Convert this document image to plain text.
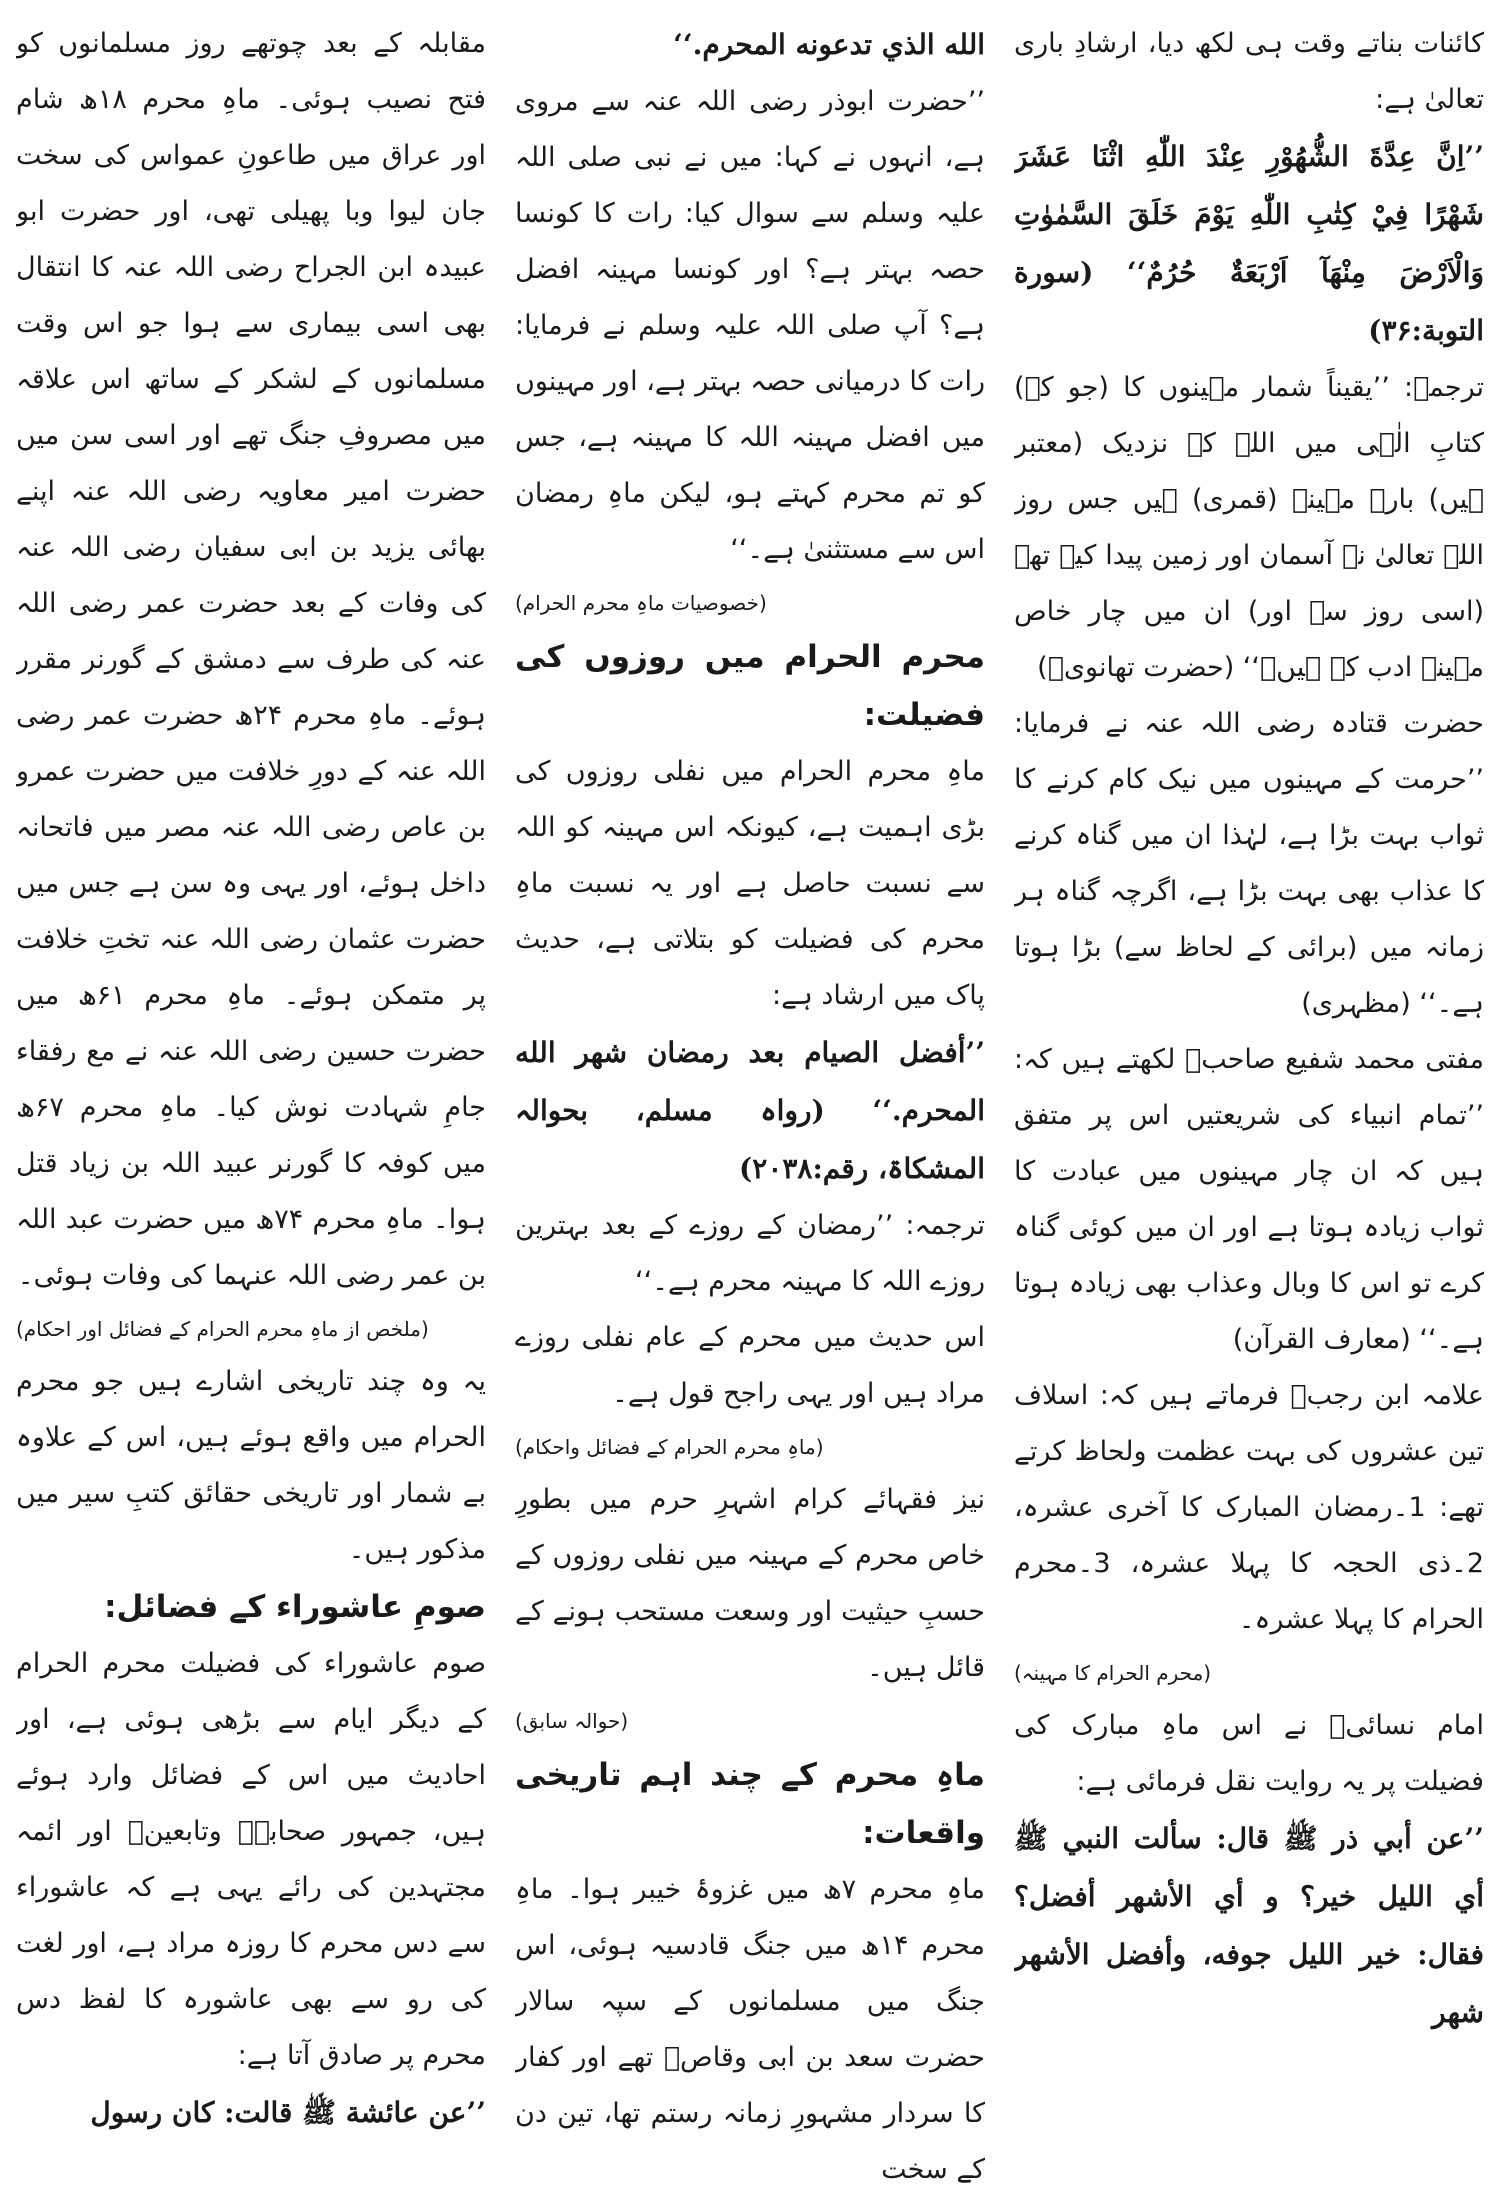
کائنات بناتے وقت ہی لکھ دیا، ارشادِ باری تعالیٰ ہے:
’’اِنَّ عِدَّةَ الشُّهُوْرِ عِنْدَ اللّٰهِ اثْنَا عَشَرَ شَهْرًا فِيْ كِتٰبِ اللّٰهِ يَوْمَ خَلَقَ السَّمٰوٰتِ وَالْاَرْضَ مِنْهَآ اَرْبَعَةٌ حُرُمٌ‘‘ (سورة التوبة:۳۶)
ترجمہ: ’’یقیناً شمار مہینوں کا (جو کہ) کتابِ الٰہی میں اللہ کے نزدیک (معتبر ہیں) بارہ مہینے (قمری) ہیں جس روز اللہ تعالیٰ نے آسمان اور زمین پیدا کیے تھے (اسی روز سے اور) ان میں چار خاص مہینے ادب کے ہیں۔‘‘ (حضرت تھانویؒ)
حضرت قتادہ رضی اللہ عنہ نے فرمایا: ’’حرمت کے مہینوں میں نیک کام کرنے کا ثواب بہت بڑا ہے، لہٰذا ان میں گناہ کرنے کا عذاب بھی بہت بڑا ہے، اگرچہ گناہ ہر زمانہ میں (برائی کے لحاظ سے) بڑا ہوتا ہے۔‘‘ (مظہری)
مفتی محمد شفیع صاحبؒ لکھتے ہیں کہ: ’’تمام انبیاء کی شریعتیں اس پر متفق ہیں کہ ان چار مہینوں میں عبادت کا ثواب زیادہ ہوتا ہے اور ان میں کوئی گناہ کرے تو اس کا وبال وعذاب بھی زیادہ ہوتا ہے۔‘‘ (معارف القرآن)
علامہ ابن رجبؒ فرماتے ہیں کہ: اسلاف تین عشروں کی بہت عظمت ولحاظ کرتے تھے: 1۔رمضان المبارک کا آخری عشرہ، 2۔ذی الحجہ کا پہلا عشرہ، 3۔محرم الحرام کا پہلا عشرہ۔
(محرم الحرام کا مہینہ)
امام نسائیؒ نے اس ماہِ مبارک کی فضیلت پر یہ روایت نقل فرمائی ہے:
’’عن أبي ذر ﷺ قال: سألت النبي ﷺ أي الليل خير؟ و أي الأشهر أفضل؟ فقال: خير الليل جوفه، وأفضل الأشهر شهر
الله الذي تدعونه المحرم.‘‘
’’حضرت ابوذر رضی اللہ عنہ سے مروی ہے، انہوں نے کہا: میں نے نبی صلی اللہ علیہ وسلم سے سوال کیا: رات کا کونسا حصہ بہتر ہے؟ اور کونسا مہینہ افضل ہے؟ آپ صلی اللہ علیہ وسلم نے فرمایا: رات کا درمیانی حصہ بہتر ہے، اور مہینوں میں افضل مہینہ اللہ کا مہینہ ہے، جس کو تم محرم کہتے ہو، لیکن ماہِ رمضان اس سے مستثنیٰ ہے۔‘‘
(خصوصیات ماہِ محرم الحرام)
محرم الحرام میں روزوں کی فضیلت:
ماہِ محرم الحرام میں نفلی روزوں کی بڑی اہمیت ہے، کیونکہ اس مہینہ کو اللہ سے نسبت حاصل ہے اور یہ نسبت ماہِ محرم کی فضیلت کو بتلاتی ہے، حدیث پاک میں ارشاد ہے:
’’أفضل الصيام بعد رمضان شهر الله المحرم.‘‘ (رواہ مسلم، بحوالہ المشکاۃ، رقم:۲۰۳۸)
ترجمہ: ’’رمضان کے روزے کے بعد بہترین روزے اللہ کا مہینہ محرم ہے۔‘‘
اس حدیث میں محرم کے عام نفلی روزے مراد ہیں اور یہی راجح قول ہے۔
(ماہِ محرم الحرام کے فضائل واحکام)
نیز فقہائے کرام اشہرِ حرم میں بطورِ خاص محرم کے مہینہ میں نفلی روزوں کے حسبِ حیثیت اور وسعت مستحب ہونے کے قائل ہیں۔
(حوالہ سابق)
ماہِ محرم کے چند اہم تاریخی واقعات:
ماہِ محرم ۷ھ میں غزوۂ خیبر ہوا۔ ماہِ محرم ۱۴ھ میں جنگ قادسیہ ہوئی، اس جنگ میں مسلمانوں کے سپہ سالار حضرت سعد بن ابی وقاصؓ تھے اور کفار کا سردار مشہورِ زمانہ رستم تھا، تین دن کے سخت
مقابلہ کے بعد چوتھے روز مسلمانوں کو فتح نصیب ہوئی۔ ماہِ محرم ۱۸ھ شام اور عراق میں طاعونِ عمواس کی سخت جان لیوا وبا پھیلی تھی، اور حضرت ابو عبیدہ ابن الجراح رضی اللہ عنہ کا انتقال بھی اسی بیماری سے ہوا جو اس وقت مسلمانوں کے لشکر کے ساتھ اس علاقہ میں مصروفِ جنگ تھے اور اسی سن میں حضرت امیر معاویہ رضی اللہ عنہ اپنے بھائی یزید بن ابی سفیان رضی اللہ عنہ کی وفات کے بعد حضرت عمر رضی اللہ عنہ کی طرف سے دمشق کے گورنر مقرر ہوئے۔ ماہِ محرم ۲۴ھ حضرت عمر رضی اللہ عنہ کے دورِ خلافت میں حضرت عمرو بن عاص رضی اللہ عنہ مصر میں فاتحانہ داخل ہوئے، اور یہی وہ سن ہے جس میں حضرت عثمان رضی اللہ عنہ تختِ خلافت پر متمکن ہوئے۔ ماہِ محرم ۶۱ھ میں حضرت حسین رضی اللہ عنہ نے مع رفقاء جامِ شہادت نوش کیا۔ ماہِ محرم ۶۷ھ میں کوفہ کا گورنر عبید اللہ بن زیاد قتل ہوا۔ ماہِ محرم ۷۴ھ میں حضرت عبد اللہ بن عمر رضی اللہ عنہما کی وفات ہوئی۔
(ملخص از ماہِ محرم الحرام کے فضائل اور احکام)
یہ وہ چند تاریخی اشارے ہیں جو محرم الحرام میں واقع ہوئے ہیں، اس کے علاوہ بے شمار اور تاریخی حقائق کتبِ سیر میں مذکور ہیں۔
صومِ عاشوراء کے فضائل:
صوم عاشوراء کی فضیلت محرم الحرام کے دیگر ایام سے بڑھی ہوئی ہے، اور احادیث میں اس کے فضائل وارد ہوئے ہیں، جمہور صحابہؓ وتابعینؒ اور ائمہ مجتہدین کی رائے یہی ہے کہ عاشوراء سے دس محرم کا روزہ مراد ہے، اور لغت کی رو سے بھی عاشورہ کا لفظ دس محرم پر صادق آتا ہے:
’’عن عائشة ﷺ قالت: كان رسول
